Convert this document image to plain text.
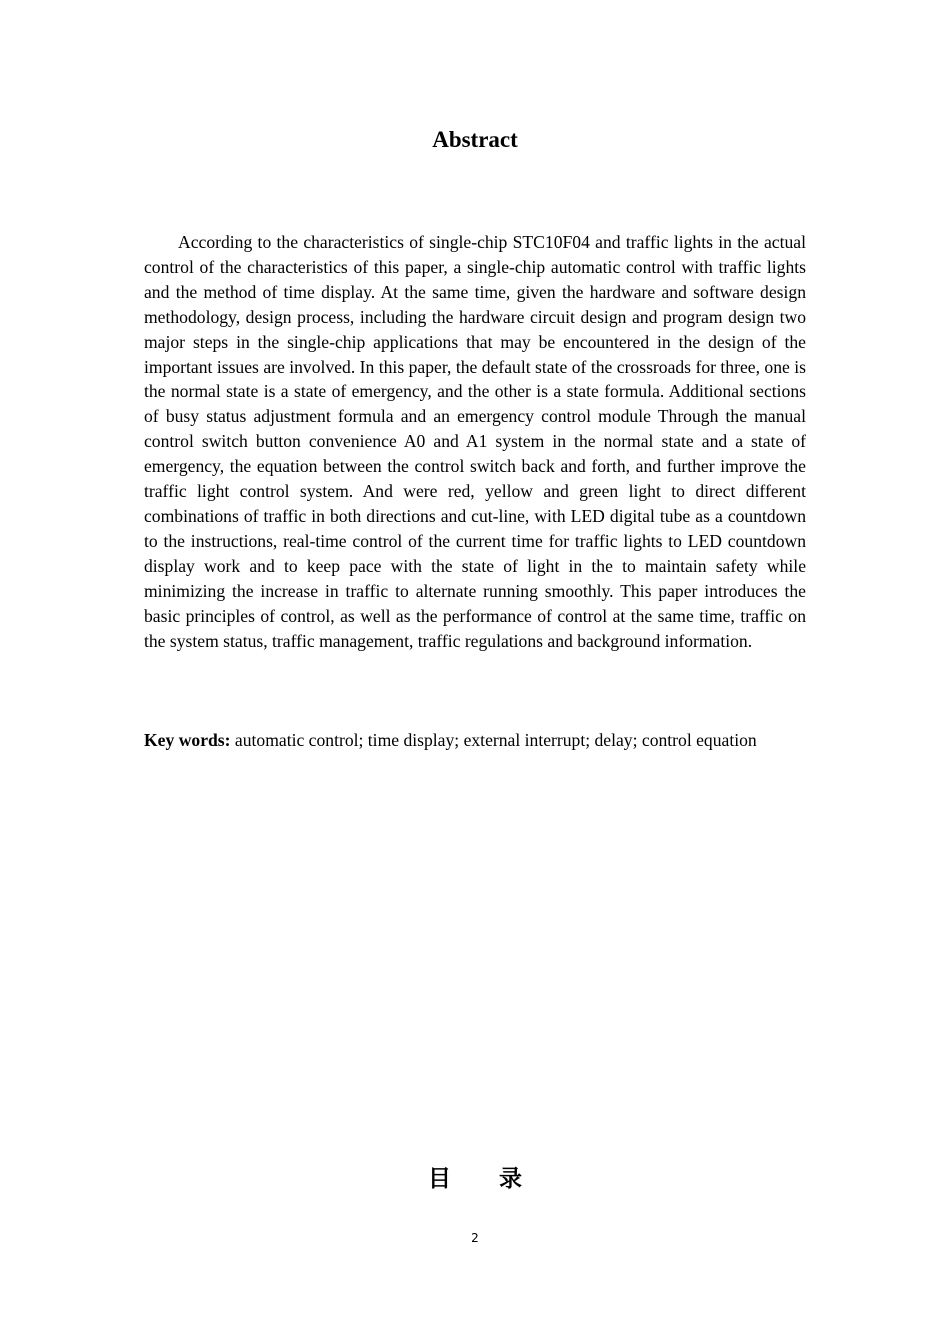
Abstract

According to the characteristics of single-chip STC10F04 and traffic lights in the actual control of the characteristics of this paper, a single-chip automatic control with traffic lights and the method of time display. At the same time, given the hardware and software design methodology, design process, including the hardware circuit design and program design two major steps in the single-chip applications that may be encountered in the design of the important issues are involved. In this paper, the default state of the crossroads for three, one is the normal state is a state of emergency, and the other is a state formula. Additional sections of busy status adjustment formula and an emergency control module Through the manual control switch button convenience A0 and A1 system in the normal state and a state of emergency, the equation between the control switch back and forth, and further improve the traffic light control system. And were red, yellow and green light to direct different combinations of traffic in both directions and cut-line, with LED digital tube as a countdown to the instructions, real-time control of the current time for traffic lights to LED countdown display work and to keep pace with the state of light in the to maintain safety while minimizing the increase in traffic to alternate running smoothly. This paper introduces the basic principles of control, as well as the performance of control at the same time, traffic on the system status, traffic management, traffic regulations and background information.

Key words: automatic control; time display; external interrupt; delay; control equation

目 录
2
